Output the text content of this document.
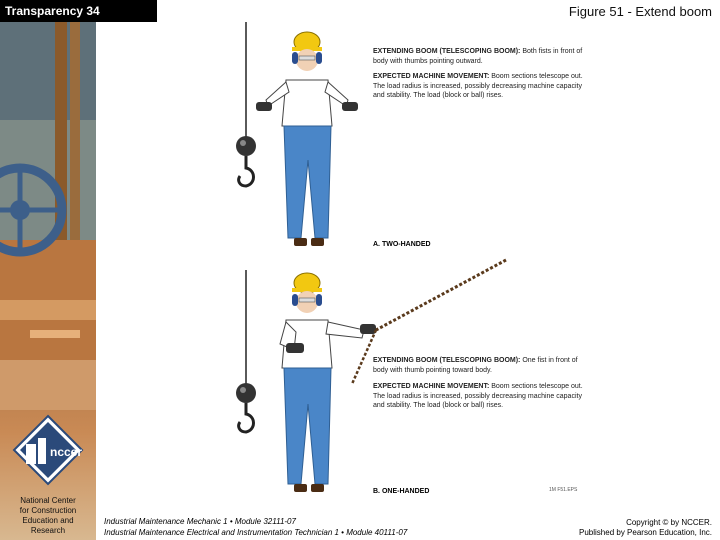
nccer
National Center
for Construction
Education and
Research
Transparency 34	Figure 51 - Extend boom
EXTENDING BOOM (TELESCOPING BOOM): Both fists in front of body with thumbs pointing outward.
EXPECTED MACHINE MOVEMENT: Boom sections telescope out. The load radius is increased, possibly decreasing machine capacity and stability. The load (block or ball) rises.
A. TWO-HANDED
EXTENDING BOOM (TELESCOPING BOOM): One fist in front of body with thumb pointing toward body.
EXPECTED MACHINE MOVEMENT: Boom sections telescope out. The load radius is increased, possibly decreasing machine capacity and stability. The load (block or ball) rises.
B. ONE-HANDED	1M F51.EPS
Industrial Maintenance Mechanic 1 • Module 32111-07
Industrial Maintenance Electrical and Instrumentation Technician 1 • Module 40111-07
Copyright © by NCCER.
Published by Pearson Education, Inc.
